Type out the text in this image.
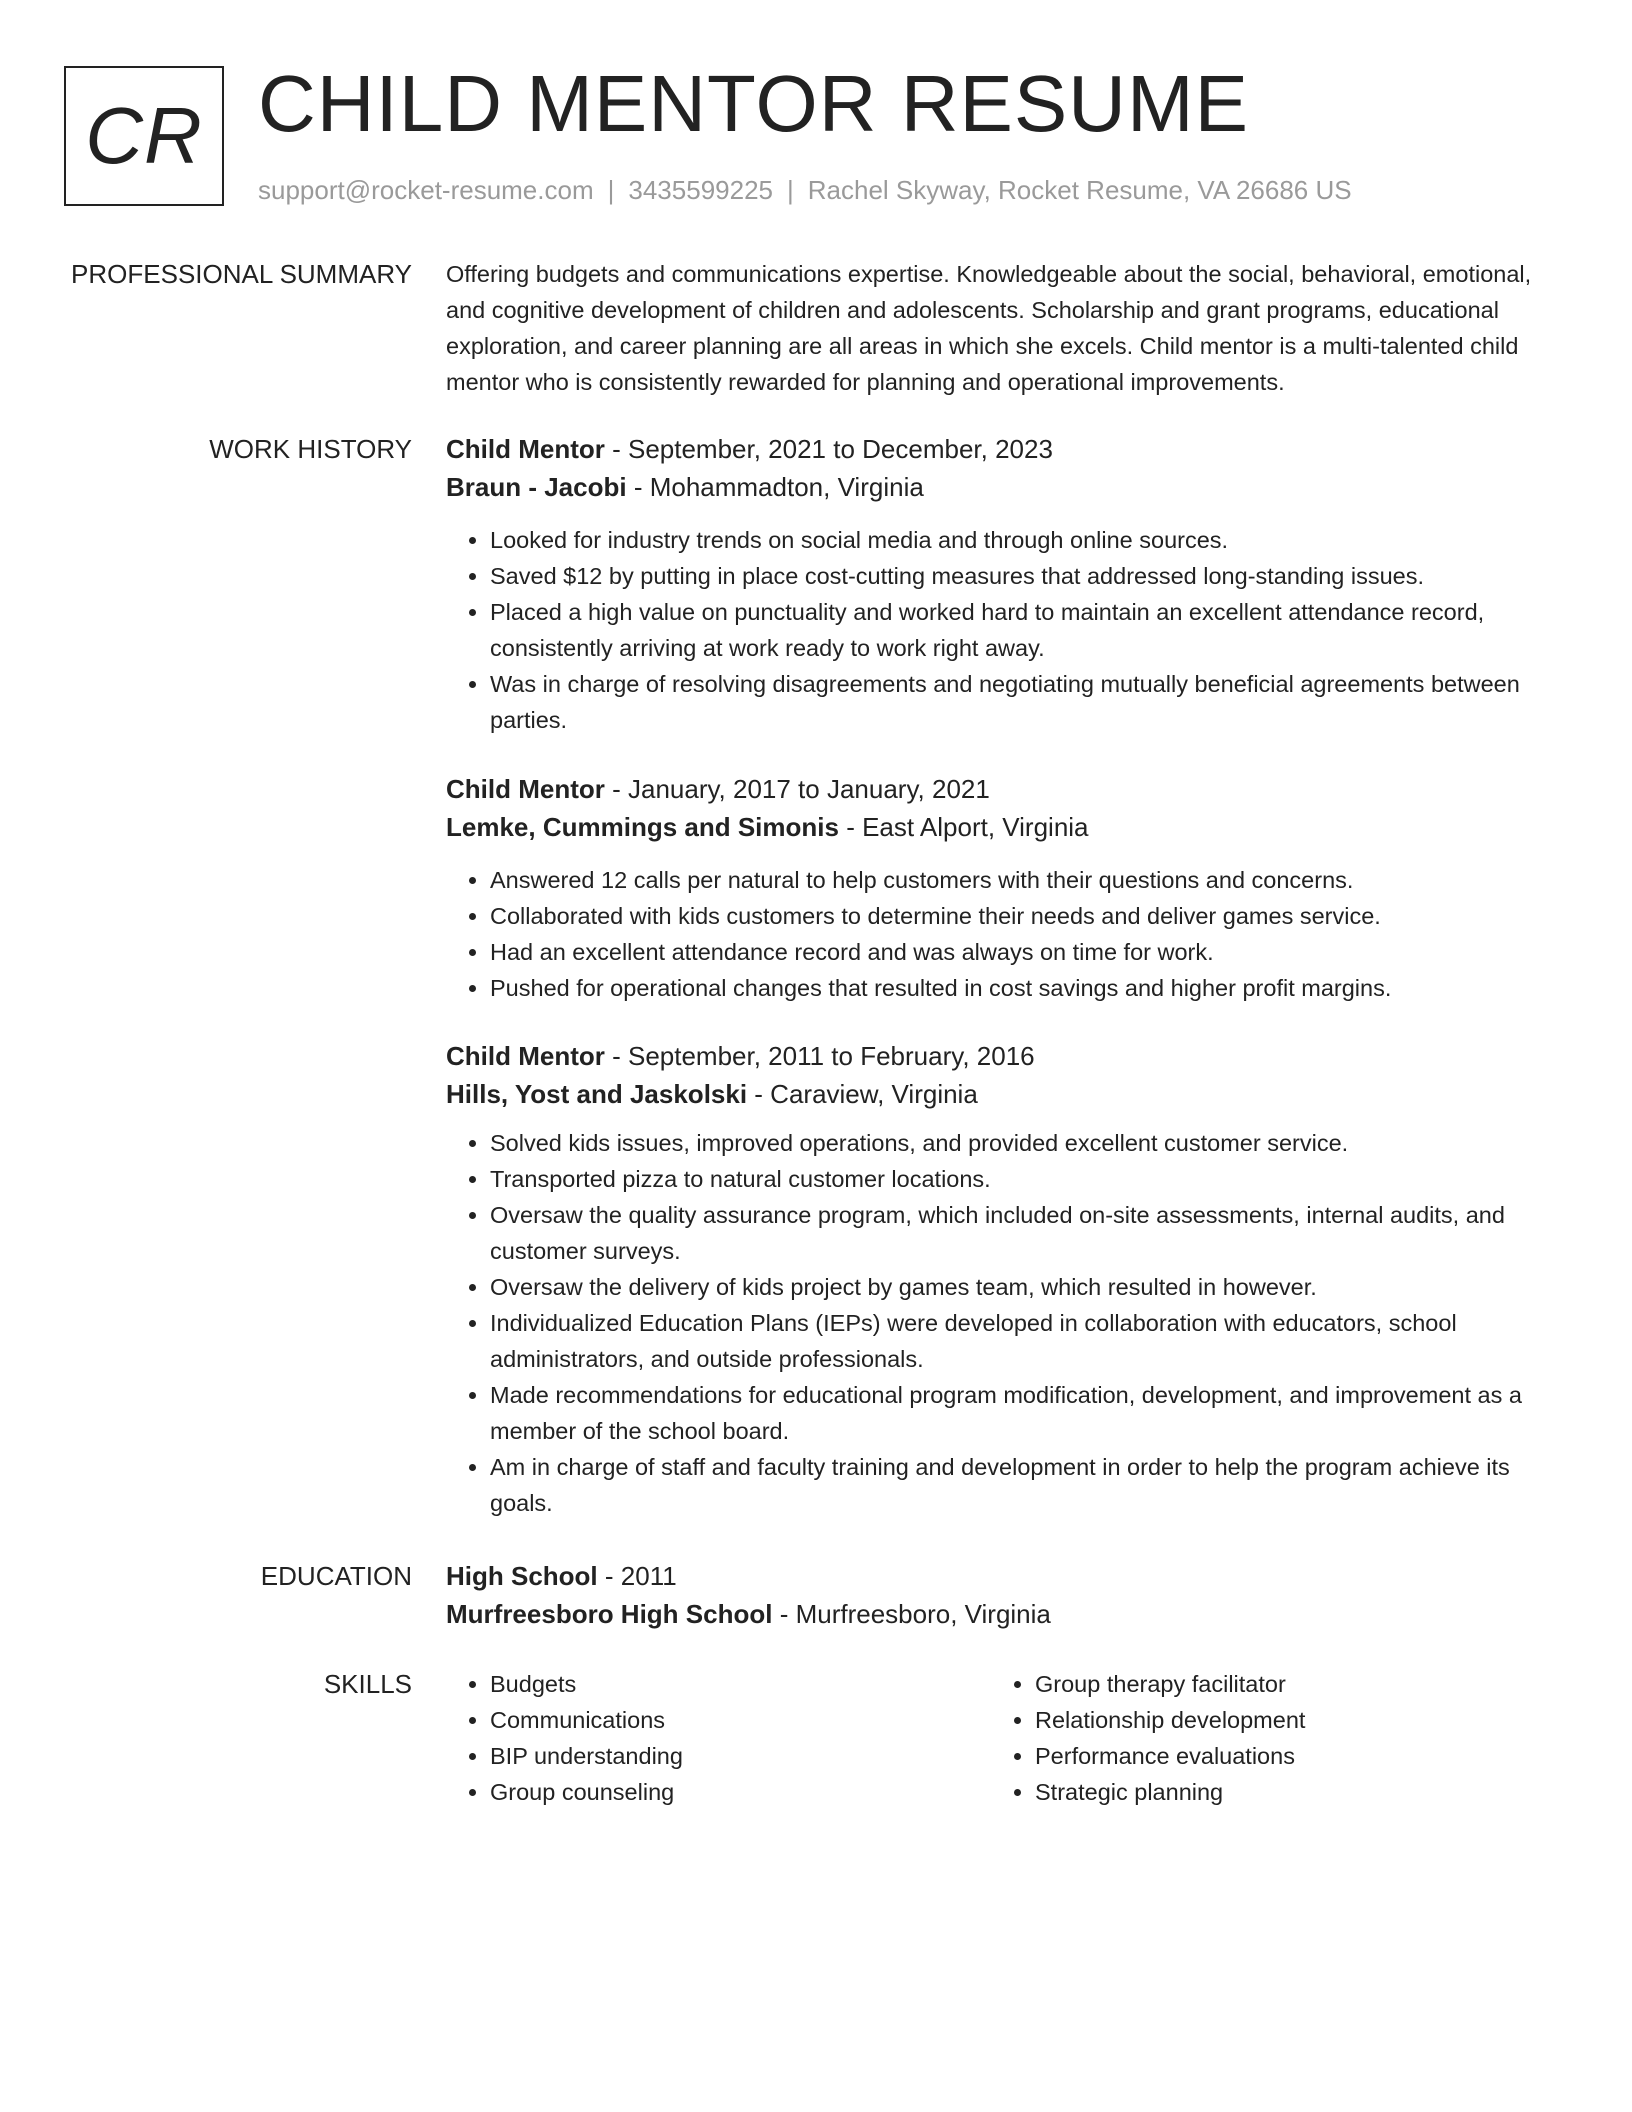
CR CHILD MENTOR RESUME
support@rocket-resume.com | 3435599225 | Rachel Skyway, Rocket Resume, VA 26686 US
PROFESSIONAL SUMMARY Offering budgets and communications expertise. Knowledgeable about the social, behavioral, emotional, and cognitive development of children and adolescents. Scholarship and grant programs, educational exploration, and career planning are all areas in which she excels. Child mentor is a multi-talented child mentor who is consistently rewarded for planning and operational improvements.

WORK HISTORY Child Mentor - September, 2021 to December, 2023

Braun - Jacobi - Mohammadton, Virginia

• Looked for industry trends on social media and through online sources.
• Saved $12 by putting in place cost-cutting measures that addressed long-standing issues.
• Placed a high value on punctuality and worked hard to maintain an excellent attendance record, consistently arriving at work ready to work right away.
• Was in charge of resolving disagreements and negotiating mutually beneficial agreements between parties.

Child Mentor - January, 2017 to January, 2021

Lemke, Cummings and Simonis - East Alport, Virginia

• Answered 12 calls per natural to help customers with their questions and concerns.
• Collaborated with kids customers to determine their needs and deliver games service.
• Had an excellent attendance record and was always on time for work.
• Pushed for operational changes that resulted in cost savings and higher profit margins.

Child Mentor - September, 2011 to February, 2016

Hills, Yost and Jaskolski - Caraview, Virginia

• Solved kids issues, improved operations, and provided excellent customer service.
• Transported pizza to natural customer locations.
• Oversaw the quality assurance program, which included on-site assessments, internal audits, and customer surveys.
• Oversaw the delivery of kids project by games team, which resulted in however.
• Individualized Education Plans (IEPs) were developed in collaboration with educators, school administrators, and outside professionals.
• Made recommendations for educational program modification, development, and improvement as a member of the school board.
• Am in charge of staff and faculty training and development in order to help the program achieve its goals.
EDUCATION High School - 2011

Murfreesboro High School - Murfreesboro, Virginia

SKILLS
•	Budgets
• Communications
• BIP understanding
• Group counseling
• Group therapy facilitator
• Relationship development
• Performance evaluations
• Strategic planning
